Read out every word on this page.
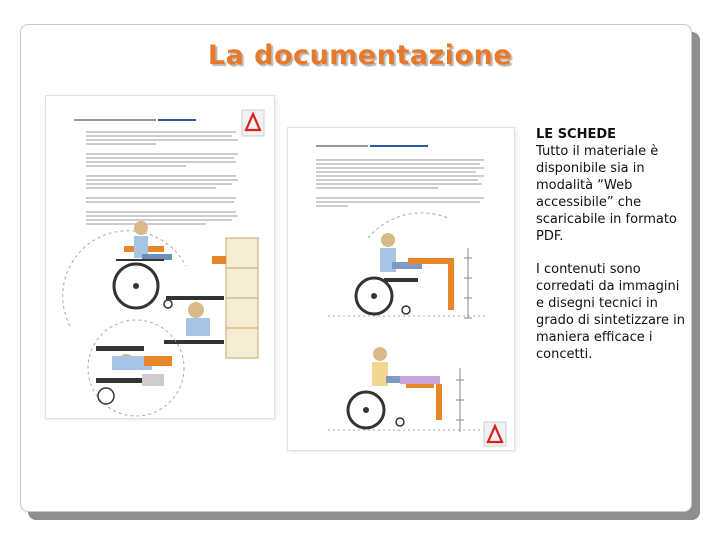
La documentazione

LE SCHEDE
Tutto il materiale è disponibile sia in modalità “Web accessibile” che scaricabile in formato PDF.

I contenuti sono corredati da immagini e disegni tecnici in grado di sintetizzare in maniera efficace i concetti.
